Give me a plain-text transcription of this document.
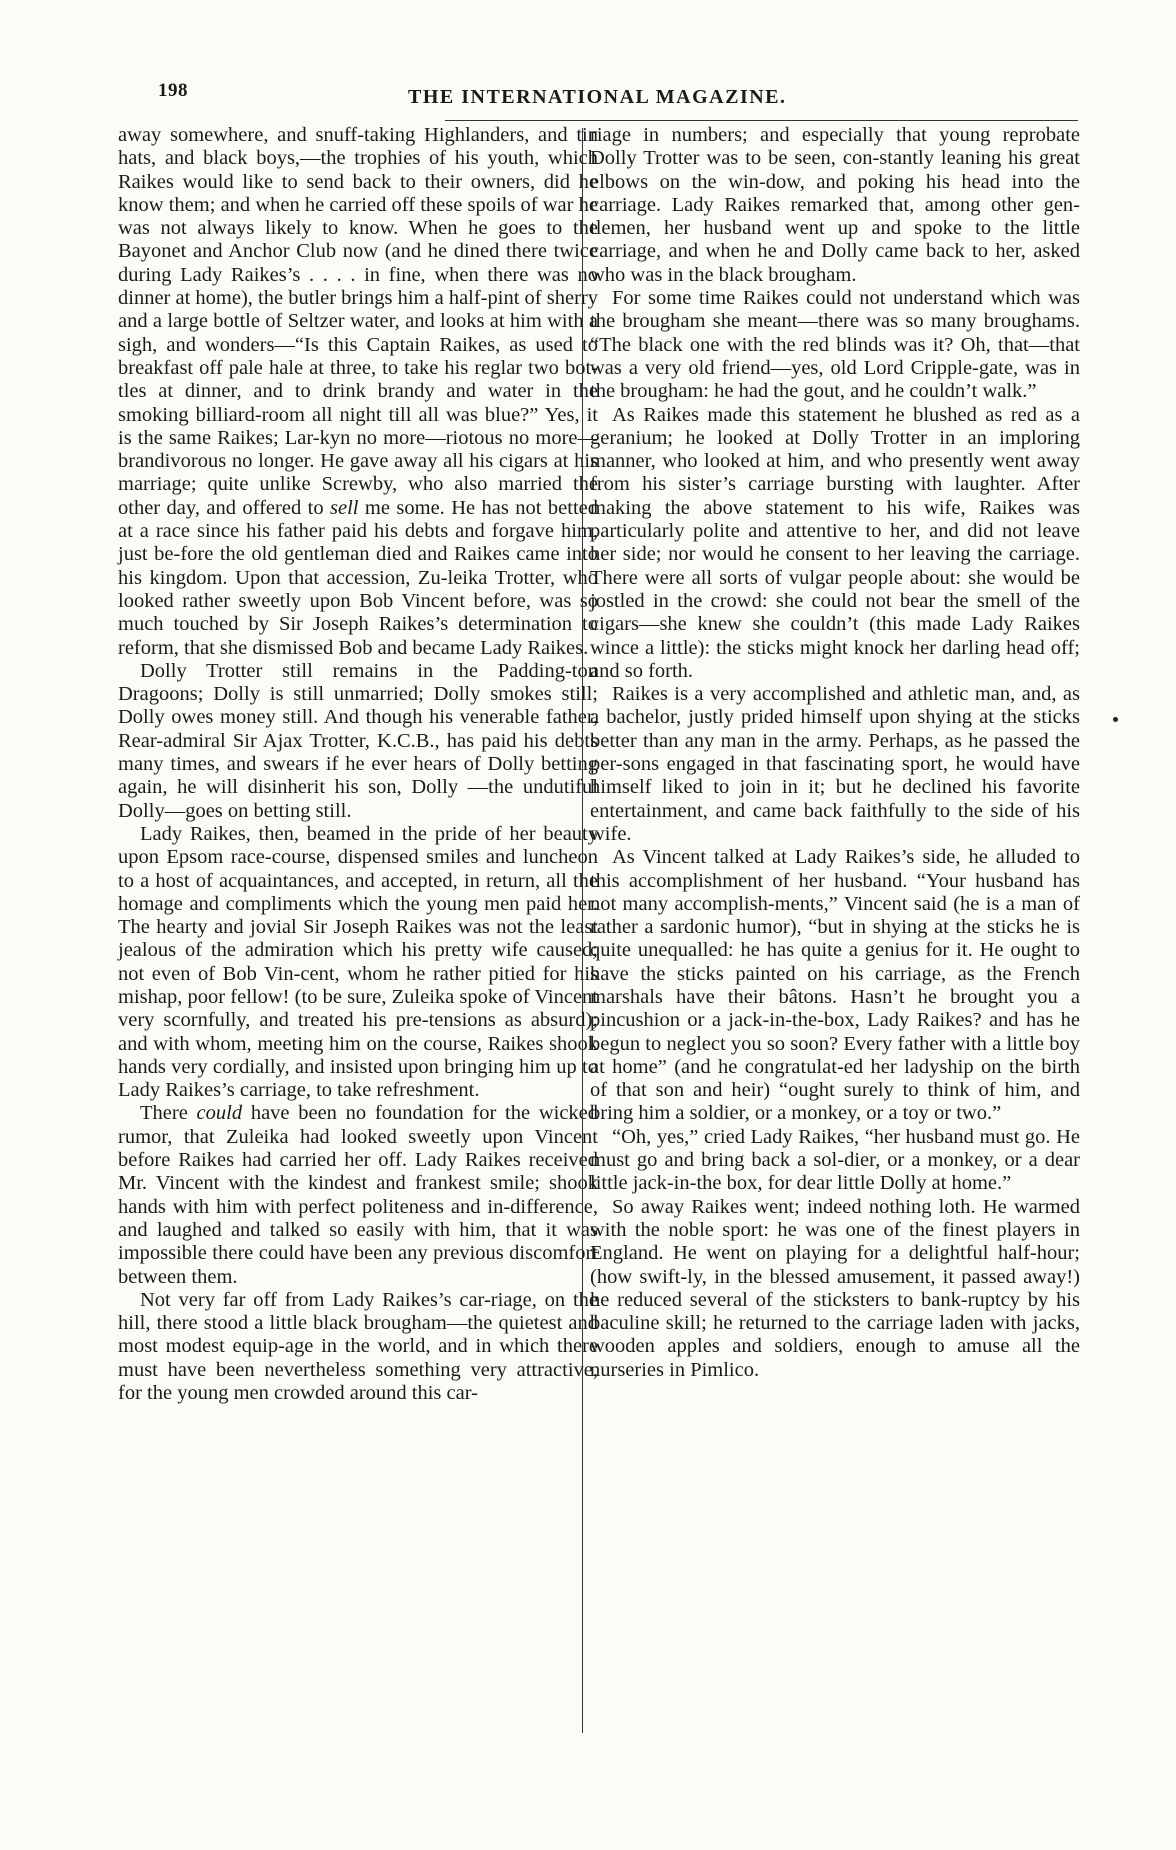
198	THE INTERNATIONAL MAGAZINE.

away somewhere, and snuff-taking Highlanders, and tin hats, and black boys,—the trophies of his youth, which Raikes would like to send back to their owners, did he know them; and when he carried off these spoils of war he was not always likely to know. When he goes to the Bayonet and Anchor Club now (and he dined there twice during Lady Raikes’s . . . . in fine, when there was no dinner at home), the butler brings him a half-pint of sherry and a large bottle of Seltzer water, and looks at him with a sigh, and wonders—“Is this Captain Raikes, as used to breakfast off pale hale at three, to take his reglar two bot-tles at dinner, and to drink brandy and water in the smoking billiard-room all night till all was blue?” Yes, it is the same Raikes; Lar-kyn no more—riotous no more—brandivorous no longer. He gave away all his cigars at his marriage; quite unlike Screwby, who also married the other day, and offered to sell me some. He has not betted at a race since his father paid his debts and forgave him, just be-fore the old gentleman died and Raikes came into his kingdom. Upon that accession, Zu-leika Trotter, who looked rather sweetly upon Bob Vincent before, was so much touched by Sir Joseph Raikes’s determination to reform, that she dismissed Bob and became Lady Raikes.

Dolly Trotter still remains in the Padding-ton Dragoons; Dolly is still unmarried; Dolly smokes still; Dolly owes money still. And though his venerable father, Rear-admiral Sir Ajax Trotter, K.C.B., has paid his debts many times, and swears if he ever hears of Dolly betting again, he will disinherit his son, Dolly —the undutiful Dolly—goes on betting still.

Lady Raikes, then, beamed in the pride of her beauty upon Epsom race-course, dispensed smiles and luncheon to a host of acquaintances, and accepted, in return, all the homage and compliments which the young men paid her. The hearty and jovial Sir Joseph Raikes was not the least jealous of the admiration which his pretty wife caused; not even of Bob Vin-cent, whom he rather pitied for his mishap, poor fellow! (to be sure, Zuleika spoke of Vincent very scornfully, and treated his pre-tensions as absurd); and with whom, meeting him on the course, Raikes shook hands very cordially, and insisted upon bringing him up to Lady Raikes’s carriage, to take refreshment.

There could have been no foundation for the wicked rumor, that Zuleika had looked sweetly upon Vincent before Raikes had carried her off. Lady Raikes received Mr. Vincent with the kindest and frankest smile; shook hands with him with perfect politeness and in-difference, and laughed and talked so easily with him, that it was impossible there could have been any previous discomfort between them.

Not very far off from Lady Raikes’s car-riage, on the hill, there stood a little black brougham—the quietest and most modest equip-age in the world, and in which there must have been nevertheless something very attractive, for the young men crowded around this car-

riage in numbers; and especially that young reprobate Dolly Trotter was to be seen, con-stantly leaning his great elbows on the win-dow, and poking his head into the carriage. Lady Raikes remarked that, among other gen-tlemen, her husband went up and spoke to the little carriage, and when he and Dolly came back to her, asked who was in the black brougham.

For some time Raikes could not understand which was the brougham she meant—there was so many broughams. “The black one with the red blinds was it? Oh, that—that was a very old friend—yes, old Lord Cripple-gate, was in the brougham: he had the gout, and he couldn’t walk.”

As Raikes made this statement he blushed as red as a geranium; he looked at Dolly Trotter in an imploring manner, who looked at him, and who presently went away from his sister’s carriage bursting with laughter. After making the above statement to his wife, Raikes was particularly polite and attentive to her, and did not leave her side; nor would he consent to her leaving the carriage. There were all sorts of vulgar people about: she would be jostled in the crowd: she could not bear the smell of the cigars—she knew she couldn’t (this made Lady Raikes wince a little): the sticks might knock her darling head off; and so forth.

Raikes is a very accomplished and athletic man, and, as a bachelor, justly prided himself upon shying at the sticks better than any man in the army. Perhaps, as he passed the per-sons engaged in that fascinating sport, he would have himself liked to join in it; but he declined his favorite entertainment, and came back faithfully to the side of his wife.

As Vincent talked at Lady Raikes’s side, he alluded to this accomplishment of her husband. “Your husband has not many accomplish-ments,” Vincent said (he is a man of rather a sardonic humor), “but in shying at the sticks he is quite unequalled: he has quite a genius for it. He ought to have the sticks painted on his carriage, as the French marshals have their bâtons. Hasn’t he brought you a pincushion or a jack-in-the-box, Lady Raikes? and has he begun to neglect you so soon? Every father with a little boy at home” (and he congratulat-ed her ladyship on the birth of that son and heir) “ought surely to think of him, and bring him a soldier, or a monkey, or a toy or two.”

“Oh, yes,” cried Lady Raikes, “her husband must go. He must go and bring back a sol-dier, or a monkey, or a dear little jack-in-the box, for dear little Dolly at home.”

So away Raikes went; indeed nothing loth. He warmed with the noble sport: he was one of the finest players in England. He went on playing for a delightful half-hour; (how swift-ly, in the blessed amusement, it passed away!) he reduced several of the sticksters to bank-ruptcy by his baculine skill; he returned to the carriage laden with jacks, wooden apples and soldiers, enough to amuse all the nurseries in Pimlico.
